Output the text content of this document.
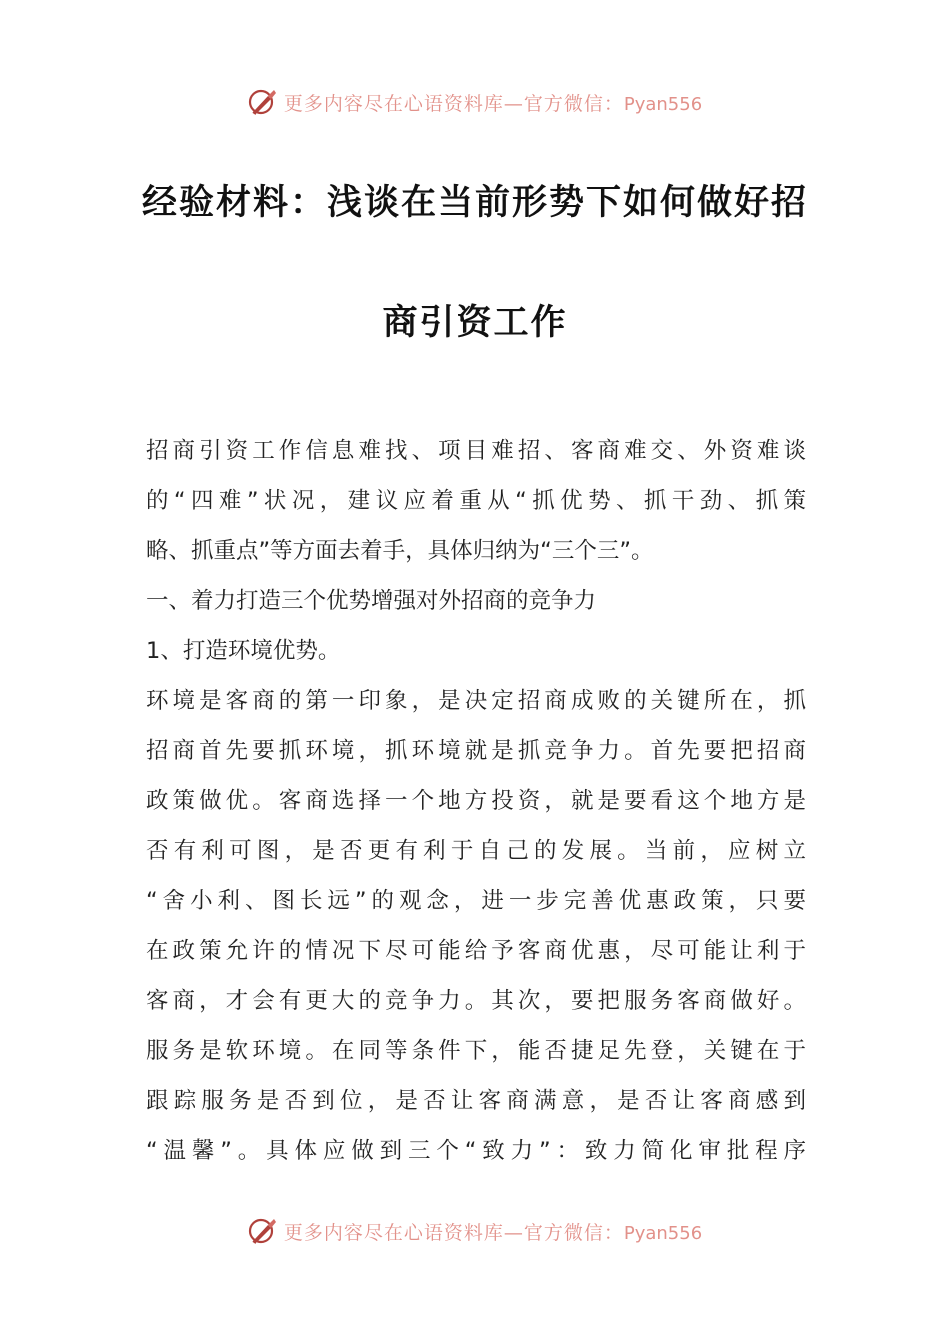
更多内容尽在心语资料库—官方微信：Pyan556
经验材料：浅谈在当前形势下如何做好招
商引资工作
招商引资工作信息难找、项目难招、客商难交、外资难谈
的“四难”状况，建议应着重从“抓优势、抓干劲、抓策
略、抓重点”等方面去着手，具体归纳为“三个三”。
一、着力打造三个优势增强对外招商的竞争力
1、打造环境优势。
环境是客商的第一印象，是决定招商成败的关键所在，抓
招商首先要抓环境，抓环境就是抓竞争力。首先要把招商
政策做优。客商选择一个地方投资，就是要看这个地方是
否有利可图，是否更有利于自己的发展。当前，应树立
“舍小利、图长远”的观念，进一步完善优惠政策，只要
在政策允许的情况下尽可能给予客商优惠，尽可能让利于
客商，才会有更大的竞争力。其次，要把服务客商做好。
服务是软环境。在同等条件下，能否捷足先登，关键在于
跟踪服务是否到位，是否让客商满意，是否让客商感到
“温馨”。具体应做到三个“致力”：致力简化审批程序
更多内容尽在心语资料库—官方微信：Pyan556
